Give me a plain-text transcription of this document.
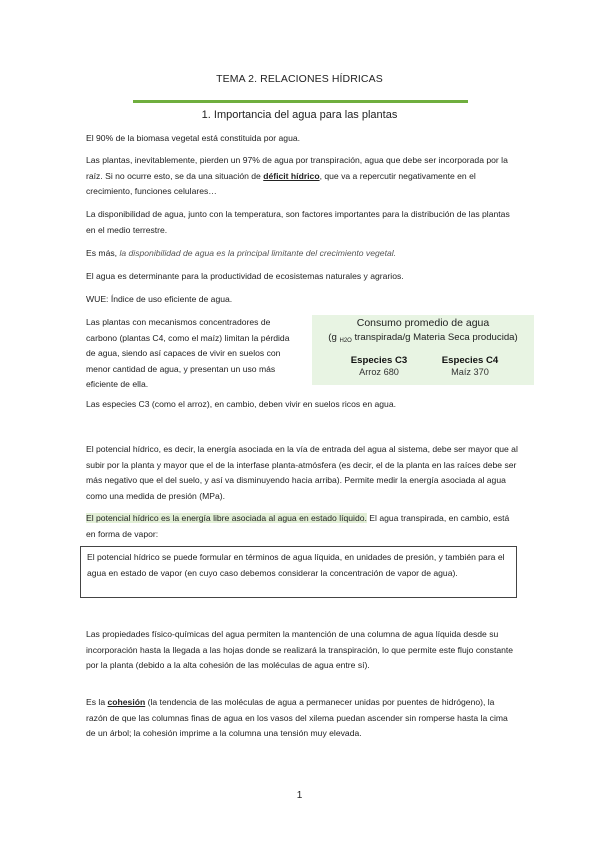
TEMA 2. RELACIONES HÍDRICAS
1. Importancia del agua para las plantas
El 90% de la biomasa vegetal está constituida por agua.
Las plantas, inevitablemente, pierden un 97% de agua por transpiración, agua que debe ser incorporada por la raíz. Si no ocurre esto, se da una situación de déficit hídrico, que va a repercutir negativamente en el crecimiento, funciones celulares…
La disponibilidad de agua, junto con la temperatura, son factores importantes para la distribución de las plantas en el medio terrestre.
Es más, la disponibilidad de agua es la principal limitante del crecimiento vegetal.
El agua es determinante para la productividad de ecosistemas naturales y agrarios.
WUE: Índice de uso eficiente de agua.
Las plantas con mecanismos concentradores de carbono (plantas C4, como el maíz) limitan la pérdida de agua, siendo así capaces de vivir en suelos con menor cantidad de agua, y presentan un uso más eficiente de ella.
Consumo promedio de agua
(g $_{H2O}$ transpirada/g Materia Seca producida)
Especies C3
Arroz 680
Especies C4
Maíz 370
Las especies C3 (como el arroz), en cambio, deben vivir en suelos ricos en agua.
El potencial hídrico, es decir, la energía asociada en la vía de entrada del agua al sistema, debe ser mayor que al subir por la planta y mayor que el de la interfase planta-atmósfera (es decir, el de la planta en las raíces debe ser más negativo que el del suelo, y así va disminuyendo hacia arriba). Permite medir la energía asociada al agua como una medida de presión (MPa).
El potencial hídrico es la energía libre asociada al agua en estado líquido. El agua transpirada, en cambio, está en forma de vapor:
El potencial hídrico se puede formular en términos de agua líquida, en unidades de presión, y también para el agua en estado de vapor (en cuyo caso debemos considerar la concentración de vapor de agua).
Las propiedades físico-químicas del agua permiten la mantención de una columna de agua líquida desde su incorporación hasta la llegada a las hojas donde se realizará la transpiración, lo que permite este flujo constante por la planta (debido a la alta cohesión de las moléculas de agua entre sí).
Es la cohesión (la tendencia de las moléculas de agua a permanecer unidas por puentes de hidrógeno), la razón de que las columnas finas de agua en los vasos del xilema puedan ascender sin romperse hasta la cima de un árbol; la cohesión imprime a la columna una tensión muy elevada.
1
